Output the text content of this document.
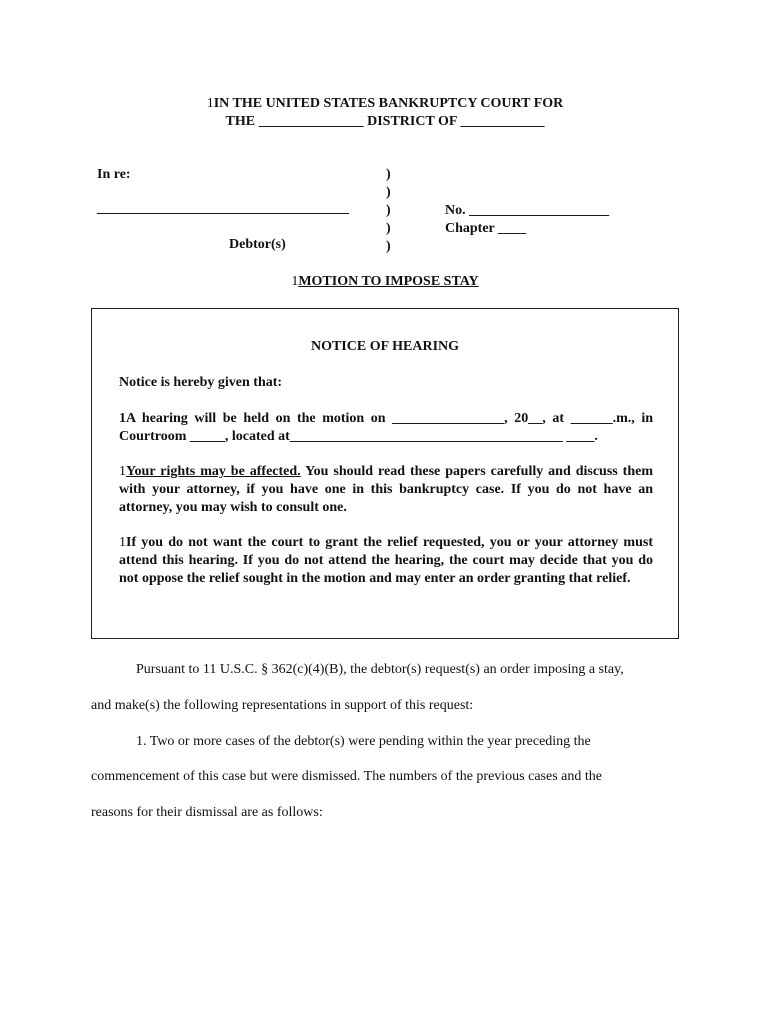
1IN THE UNITED STATES BANKRUPTCY COURT FOR
THE _______________ DISTRICT OF ____________
In re:
____________________________________
Debtor(s)
)
)
)
)
)
No. ____________________
Chapter ____
1MOTION TO IMPOSE STAY
NOTICE OF HEARING
Notice is hereby given that:
1A hearing will be held on the motion on ________________, 20__, at ______.m., in Courtroom _____, located at_______________________________________ ____.
1Your rights may be affected. You should read these papers carefully and discuss them with your attorney, if you have one in this bankruptcy case. If you do not have an attorney, you may wish to consult one.
1If you do not want the court to grant the relief requested, you or your attorney must attend this hearing. If you do not attend the hearing, the court may decide that you do not oppose the relief sought in the motion and may enter an order granting that relief.
Pursuant to 11 U.S.C. § 362(c)(4)(B), the debtor(s) request(s) an order imposing a stay,
and make(s) the following representations in support of this request:
1. Two or more cases of the debtor(s) were pending within the year preceding the
commencement of this case but were dismissed. The numbers of the previous cases and the
reasons for their dismissal are as follows:
